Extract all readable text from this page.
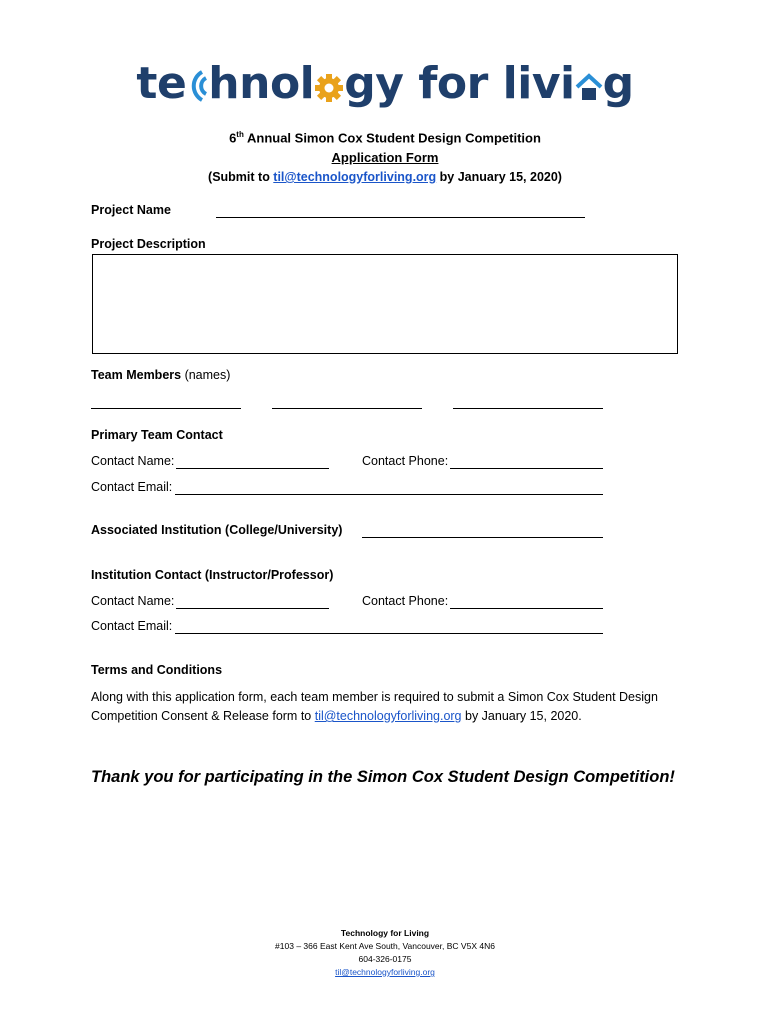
te hnol gy for livi g
6th Annual Simon Cox Student Design Competition
Application Form
(Submit to til@technologyforliving.org by January 15, 2020)
Project Name
Project Description
Team Members (names)
Primary Team Contact
Contact Name:	Contact Phone:
Contact Email:
Associated Institution (College/University)
Institution Contact (Instructor/Professor)
Contact Name:	Contact Phone:
Contact Email:
Terms and Conditions
Along with this application form, each team member is required to submit a Simon Cox Student Design Competition Consent & Release form to til@technologyforliving.org by January 15, 2020.
Thank you for participating in the Simon Cox Student Design Competition!
Technology for Living
#103 – 366 East Kent Ave South, Vancouver, BC V5X 4N6
604-326-0175
til@technologyforliving.org
